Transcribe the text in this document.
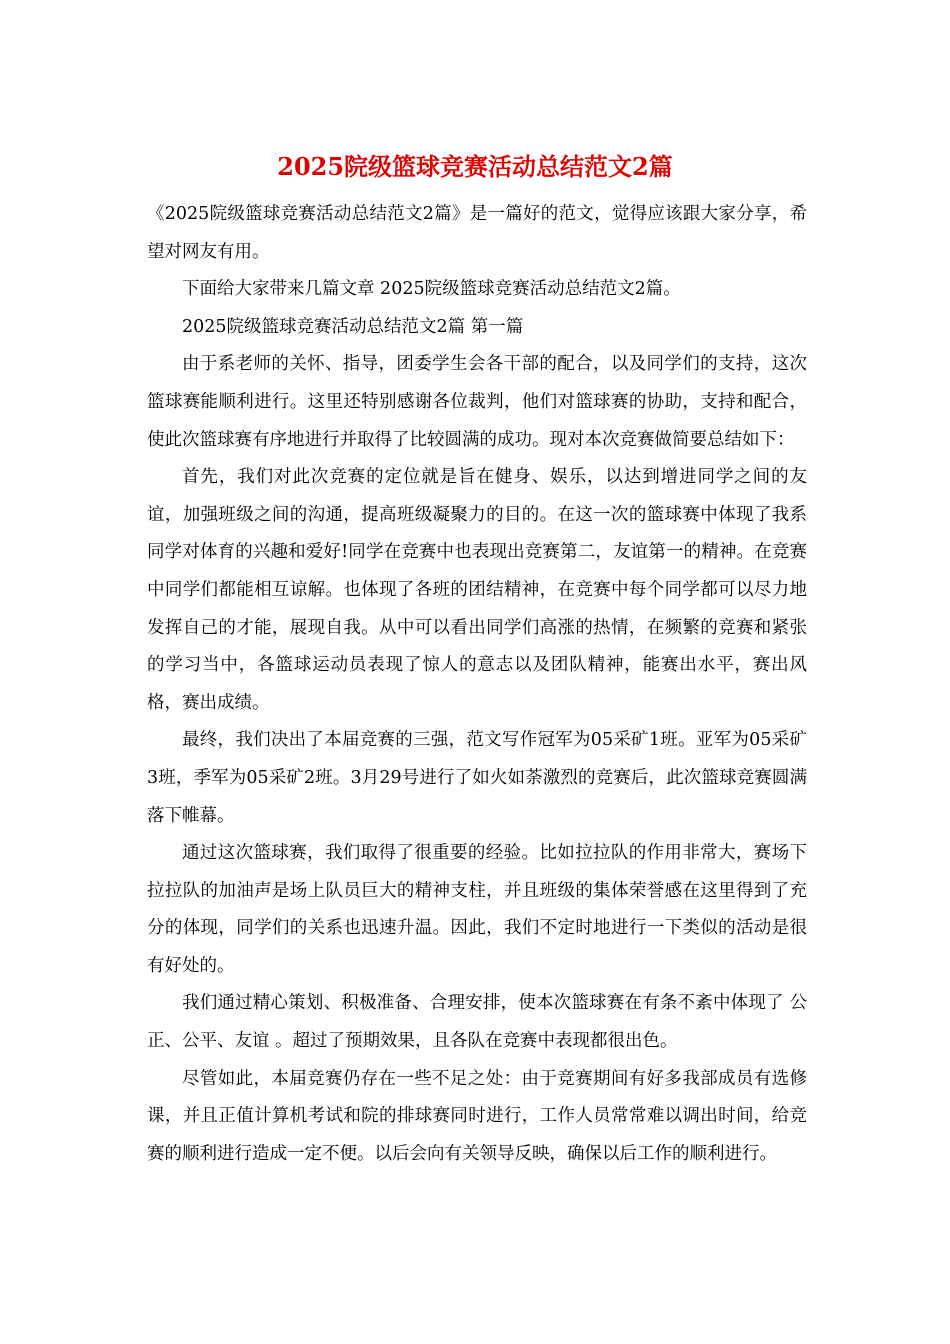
2025院级篮球竞赛活动总结范文2篇

《2025院级篮球竞赛活动总结范文2篇》是一篇好的范文，觉得应该跟大家分享，希望对网友有用。

下面给大家带来几篇文章 2025院级篮球竞赛活动总结范文2篇。

2025院级篮球竞赛活动总结范文2篇 第一篇

由于系老师的关怀、指导，团委学生会各干部的配合，以及同学们的支持，这次篮球赛能顺利进行。这里还特别感谢各位裁判，他们对篮球赛的协助，支持和配合，使此次篮球赛有序地进行并取得了比较圆满的成功。现对本次竞赛做简要总结如下：

首先，我们对此次竞赛的定位就是旨在健身、娱乐，以达到增进同学之间的友谊，加强班级之间的沟通，提高班级凝聚力的目的。在这一次的篮球赛中体现了我系同学对体育的兴趣和爱好!同学在竞赛中也表现出竞赛第二，友谊第一的精神。在竞赛中同学们都能相互谅解。也体现了各班的团结精神，在竞赛中每个同学都可以尽力地发挥自己的才能，展现自我。从中可以看出同学们高涨的热情，在频繁的竞赛和紧张的学习当中，各篮球运动员表现了惊人的意志以及团队精神，能赛出水平，赛出风格，赛出成绩。

最终，我们决出了本届竞赛的三强，范文写作冠军为05采矿1班。亚军为05采矿3班，季军为05采矿2班。3月29号进行了如火如荼激烈的竞赛后，此次篮球竞赛圆满落下帷幕。

通过这次篮球赛，我们取得了很重要的经验。比如拉拉队的作用非常大，赛场下拉拉队的加油声是场上队员巨大的精神支柱，并且班级的集体荣誉感在这里得到了充分的体现，同学们的关系也迅速升温。因此，我们不定时地进行一下类似的活动是很有好处的。

我们通过精心策划、积极准备、合理安排，使本次篮球赛在有条不紊中体现了 公正、公平、友谊 。超过了预期效果，且各队在竞赛中表现都很出色。

尽管如此，本届竞赛仍存在一些不足之处：由于竞赛期间有好多我部成员有选修课，并且正值计算机考试和院的排球赛同时进行，工作人员常常难以调出时间，给竞赛的顺利进行造成一定不便。以后会向有关领导反映，确保以后工作的顺利进行。
